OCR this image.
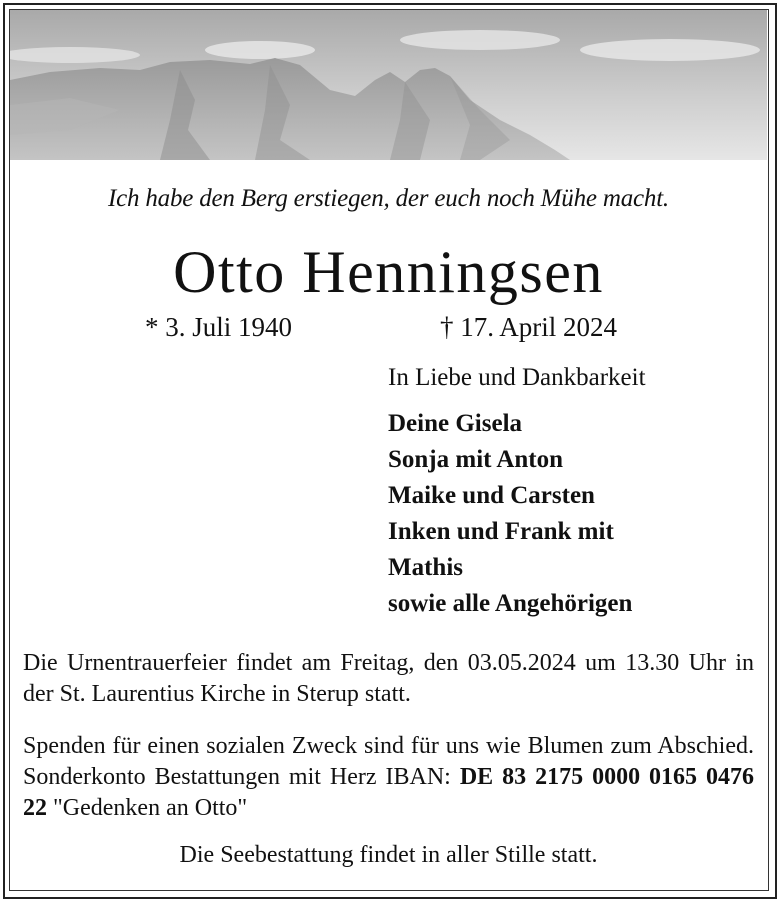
Ich habe den Berg erstiegen, der euch noch Mühe macht.
Otto Henningsen
* 3. Juli 1940	† 17. April 2024
In Liebe und Dankbarkeit
Deine Gisela
Sonja mit Anton
Maike und Carsten
Inken und Frank mit
Mathis
sowie alle Angehörigen
Die Urnentrauerfeier findet am Freitag, den 03.05.2024 um 13.30 Uhr in der St. Laurentius Kirche in Sterup statt.
Spenden für einen sozialen Zweck sind für uns wie Blumen zum Abschied. Sonderkonto Bestattungen mit Herz IBAN: DE 83 2175 0000 0165 0476 22 "Gedenken an Otto"
Die Seebestattung findet in aller Stille statt.
